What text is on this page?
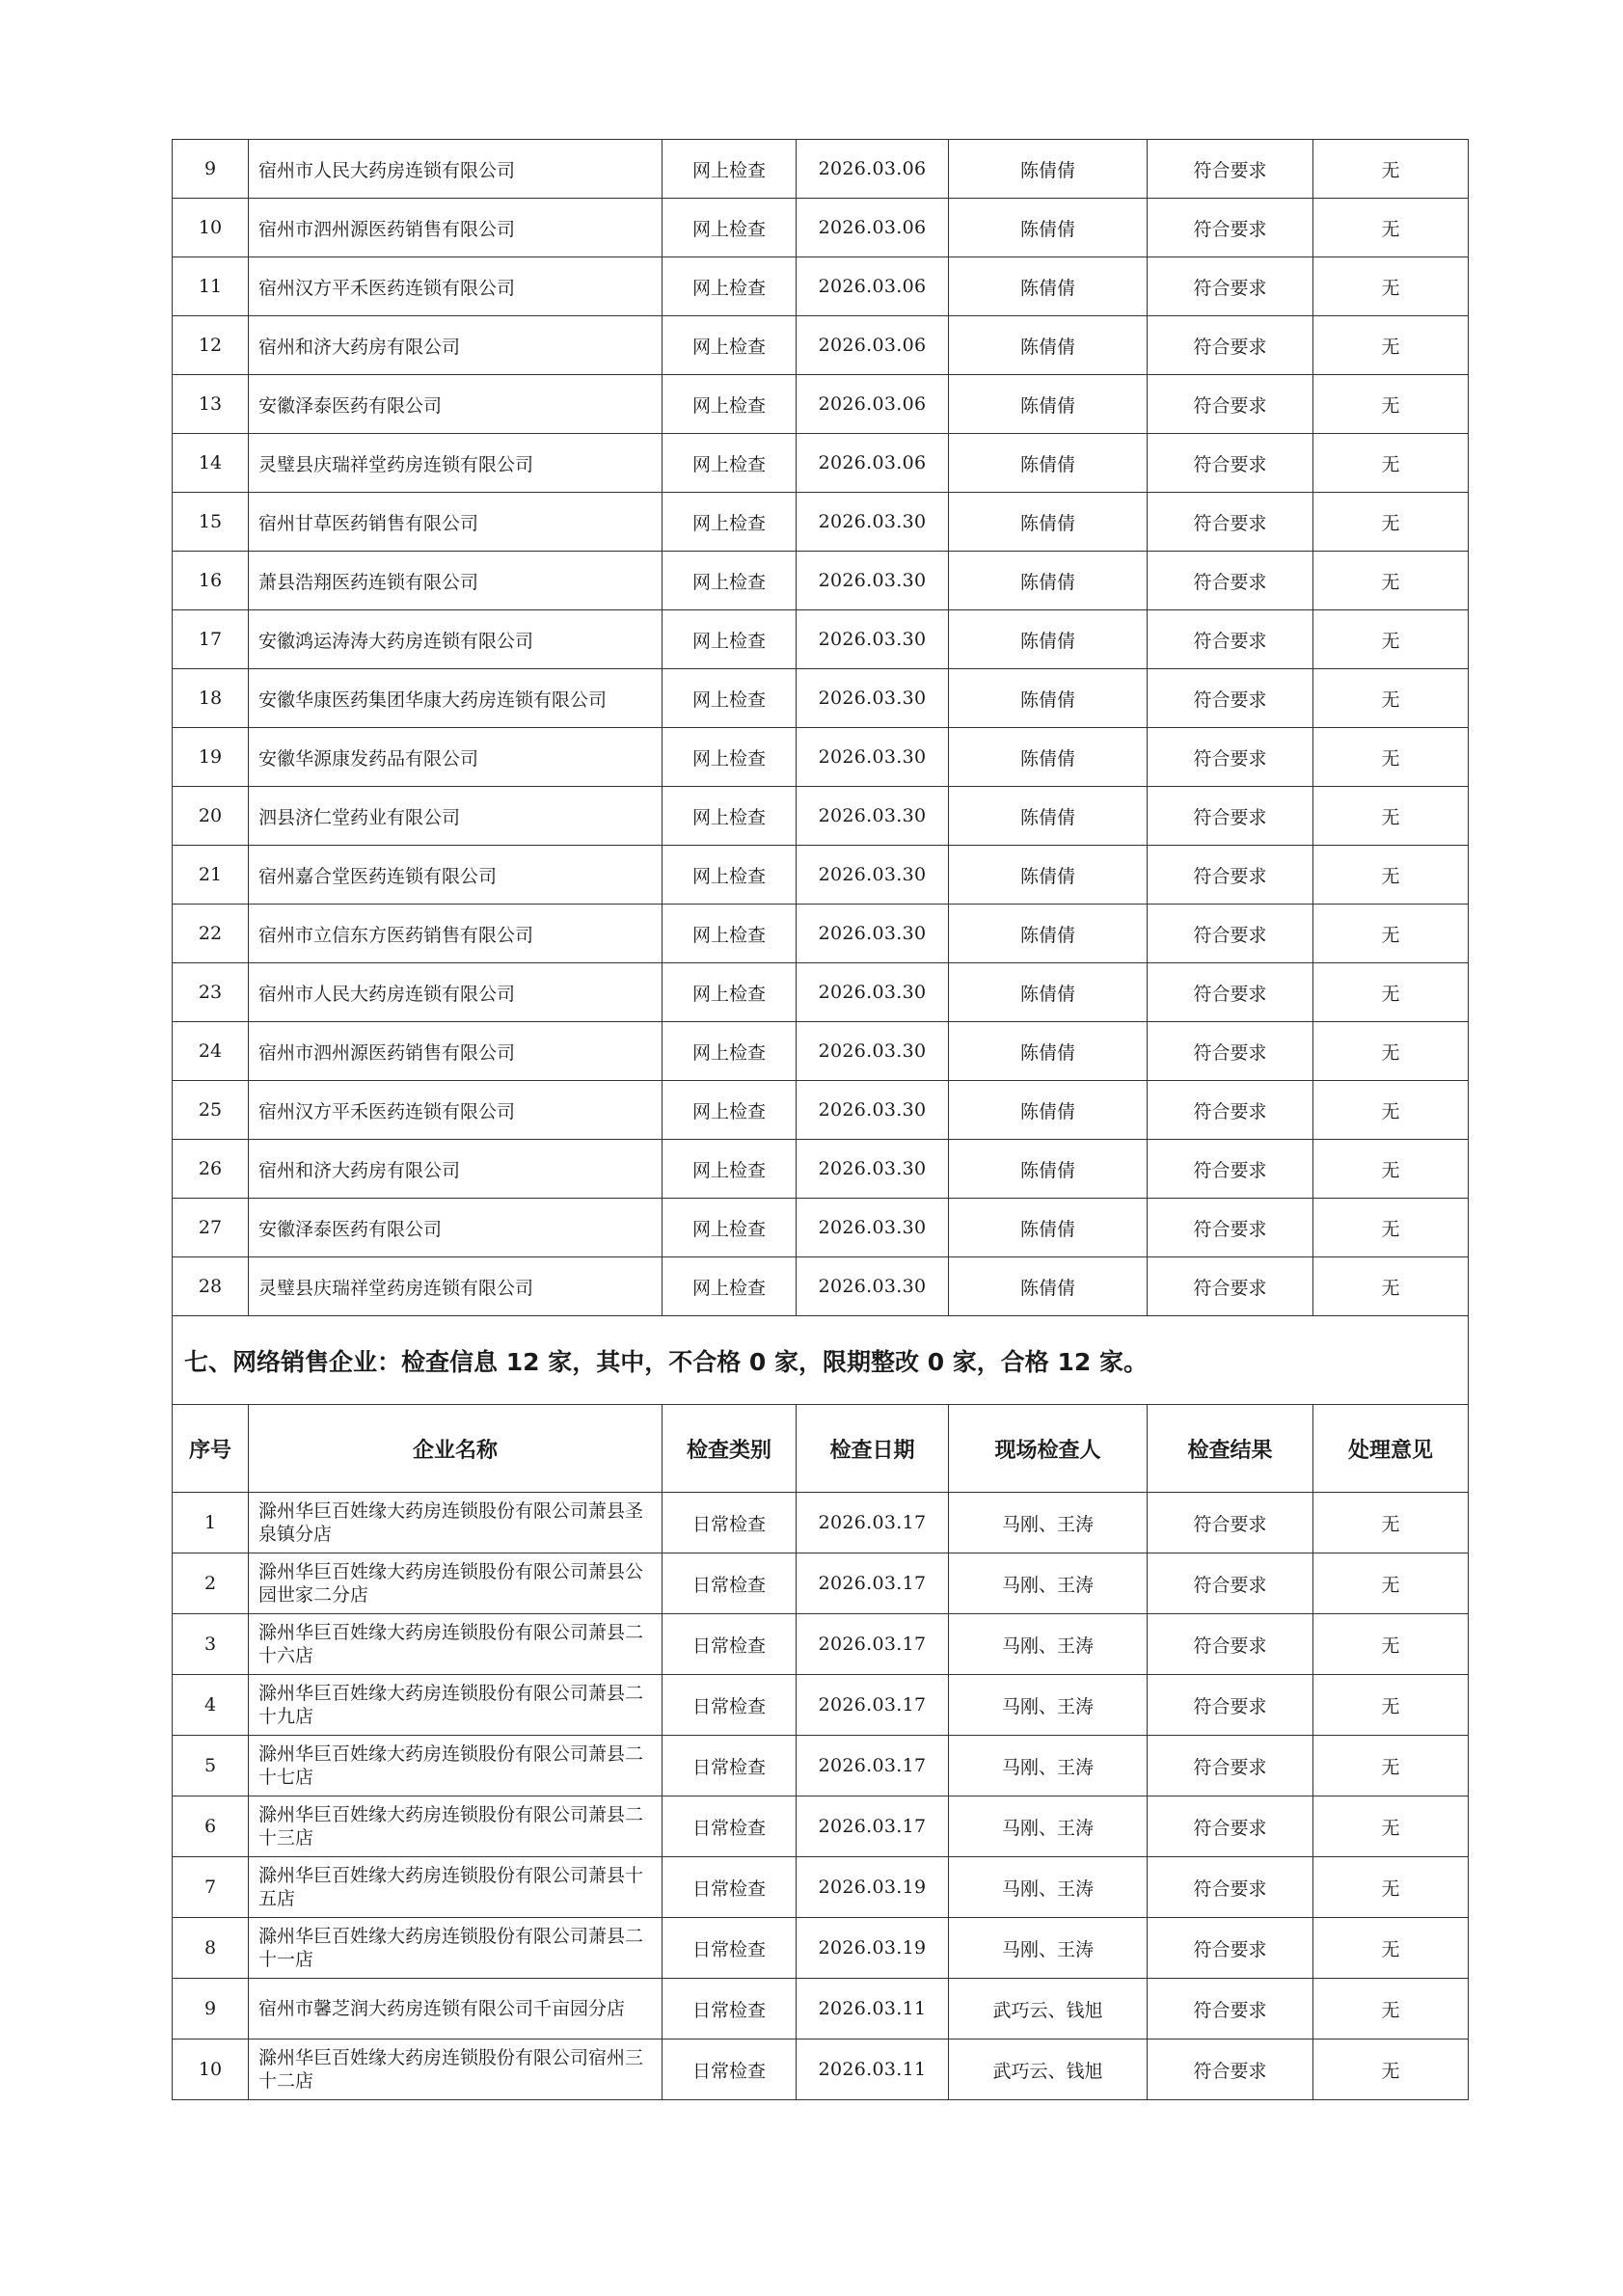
9	宿州市人民大药房连锁有限公司	网上检查	2026.03.06	陈倩倩	符合要求	无
10	宿州市泗州源医药销售有限公司	网上检查	2026.03.06	陈倩倩	符合要求	无
11	宿州汉方平禾医药连锁有限公司	网上检查	2026.03.06	陈倩倩	符合要求	无
12	宿州和济大药房有限公司	网上检查	2026.03.06	陈倩倩	符合要求	无
13	安徽泽泰医药有限公司	网上检查	2026.03.06	陈倩倩	符合要求	无
14	灵璧县庆瑞祥堂药房连锁有限公司	网上检查	2026.03.06	陈倩倩	符合要求	无
15	宿州甘草医药销售有限公司	网上检查	2026.03.30	陈倩倩	符合要求	无
16	萧县浩翔医药连锁有限公司	网上检查	2026.03.30	陈倩倩	符合要求	无
17	安徽鸿运涛涛大药房连锁有限公司	网上检查	2026.03.30	陈倩倩	符合要求	无
18	安徽华康医药集团华康大药房连锁有限公司	网上检查	2026.03.30	陈倩倩	符合要求	无
19	安徽华源康发药品有限公司	网上检查	2026.03.30	陈倩倩	符合要求	无
20	泗县济仁堂药业有限公司	网上检查	2026.03.30	陈倩倩	符合要求	无
21	宿州嘉合堂医药连锁有限公司	网上检查	2026.03.30	陈倩倩	符合要求	无
22	宿州市立信东方医药销售有限公司	网上检查	2026.03.30	陈倩倩	符合要求	无
23	宿州市人民大药房连锁有限公司	网上检查	2026.03.30	陈倩倩	符合要求	无
24	宿州市泗州源医药销售有限公司	网上检查	2026.03.30	陈倩倩	符合要求	无
25	宿州汉方平禾医药连锁有限公司	网上检查	2026.03.30	陈倩倩	符合要求	无
26	宿州和济大药房有限公司	网上检查	2026.03.30	陈倩倩	符合要求	无
27	安徽泽泰医药有限公司	网上检查	2026.03.30	陈倩倩	符合要求	无
28	灵璧县庆瑞祥堂药房连锁有限公司	网上检查	2026.03.30	陈倩倩	符合要求	无
七、网络销售企业：检查信息 12 家，其中，不合格 0 家，限期整改 0 家，合格 12 家。						
序号	企业名称	检查类别	检查日期	现场检查人	检查结果	处理意见
1	滁州华巨百姓缘大药房连锁股份有限公司萧县圣泉镇分店	日常检查	2026.03.17	马刚、王涛	符合要求	无
2	滁州华巨百姓缘大药房连锁股份有限公司萧县公园世家二分店	日常检查	2026.03.17	马刚、王涛	符合要求	无
3	滁州华巨百姓缘大药房连锁股份有限公司萧县二十六店	日常检查	2026.03.17	马刚、王涛	符合要求	无
4	滁州华巨百姓缘大药房连锁股份有限公司萧县二十九店	日常检查	2026.03.17	马刚、王涛	符合要求	无
5	滁州华巨百姓缘大药房连锁股份有限公司萧县二十七店	日常检查	2026.03.17	马刚、王涛	符合要求	无
6	滁州华巨百姓缘大药房连锁股份有限公司萧县二十三店	日常检查	2026.03.17	马刚、王涛	符合要求	无
7	滁州华巨百姓缘大药房连锁股份有限公司萧县十五店	日常检查	2026.03.19	马刚、王涛	符合要求	无
8	滁州华巨百姓缘大药房连锁股份有限公司萧县二十一店	日常检查	2026.03.19	马刚、王涛	符合要求	无
9	宿州市馨芝润大药房连锁有限公司千亩园分店	日常检查	2026.03.11	武巧云、钱旭	符合要求	无
10	滁州华巨百姓缘大药房连锁股份有限公司宿州三十二店	日常检查	2026.03.11	武巧云、钱旭	符合要求	无
